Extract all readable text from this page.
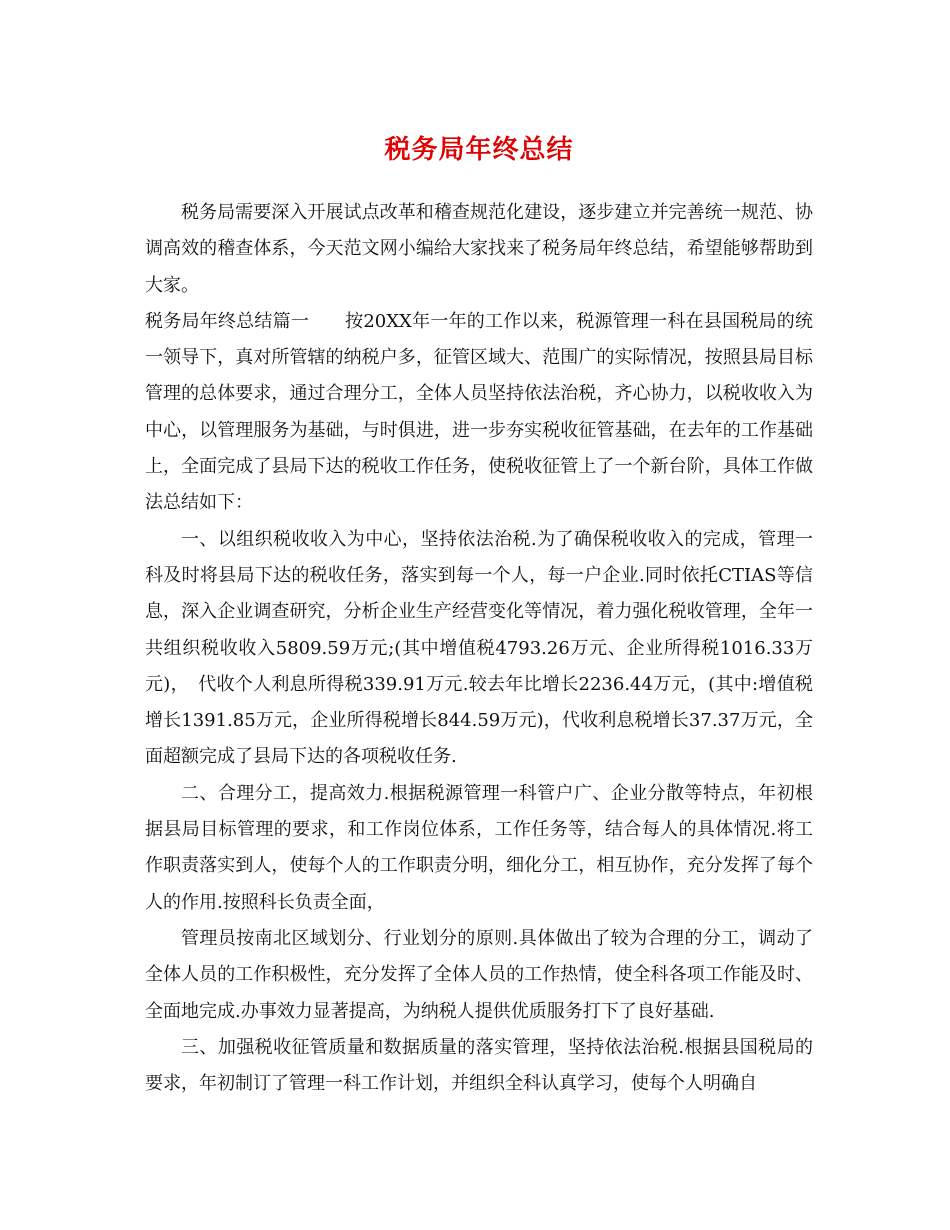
税务局年终总结

税务局需要深入开展试点改革和稽查规范化建设，逐步建立并完善统一规范、协调高效的稽查体系，今天范文网小编给大家找来了税务局年终总结，希望能够帮助到大家。

税务局年终总结篇一 按20XX年一年的工作以来，税源管理一科在县国税局的统一领导下，真对所管辖的纳税户多，征管区域大、范围广的实际情况，按照县局目标管理的总体要求，通过合理分工，全体人员坚持依法治税，齐心协力，以税收收入为中心，以管理服务为基础，与时俱进，进一步夯实税收征管基础，在去年的工作基础上，全面完成了县局下达的税收工作任务，使税收征管上了一个新台阶，具体工作做法总结如下：

一、以组织税收收入为中心，坚持依法治税.为了确保税收收入的完成，管理一科及时将县局下达的税收任务，落实到每一个人，每一户企业.同时依托CTIAS等信息，深入企业调查研究，分析企业生产经营变化等情况，着力强化税收管理，全年一共组织税收收入5809.59万元;(其中增值税4793.26万元、企业所得税1016.33万元)，　代收个人利息所得税339.91万元.较去年比增长2236.44万元，(其中:增值税增长1391.85万元，企业所得税增长844.59万元)，代收利息税增长37.37万元，全面超额完成了县局下达的各项税收任务.

二、合理分工，提高效力.根据税源管理一科管户广、企业分散等特点，年初根据县局目标管理的要求，和工作岗位体系，工作任务等，结合每人的具体情况.将工作职责落实到人，使每个人的工作职责分明，细化分工，相互协作，充分发挥了每个人的作用.按照科长负责全面，

管理员按南北区域划分、行业划分的原则.具体做出了较为合理的分工，调动了全体人员的工作积极性，充分发挥了全体人员的工作热情，使全科各项工作能及时、全面地完成.办事效力显著提高，为纳税人提供优质服务打下了良好基础.

三、加强税收征管质量和数据质量的落实管理，坚持依法治税.根据县国税局的要求，年初制订了管理一科工作计划，并组织全科认真学习，使每个人明确自
